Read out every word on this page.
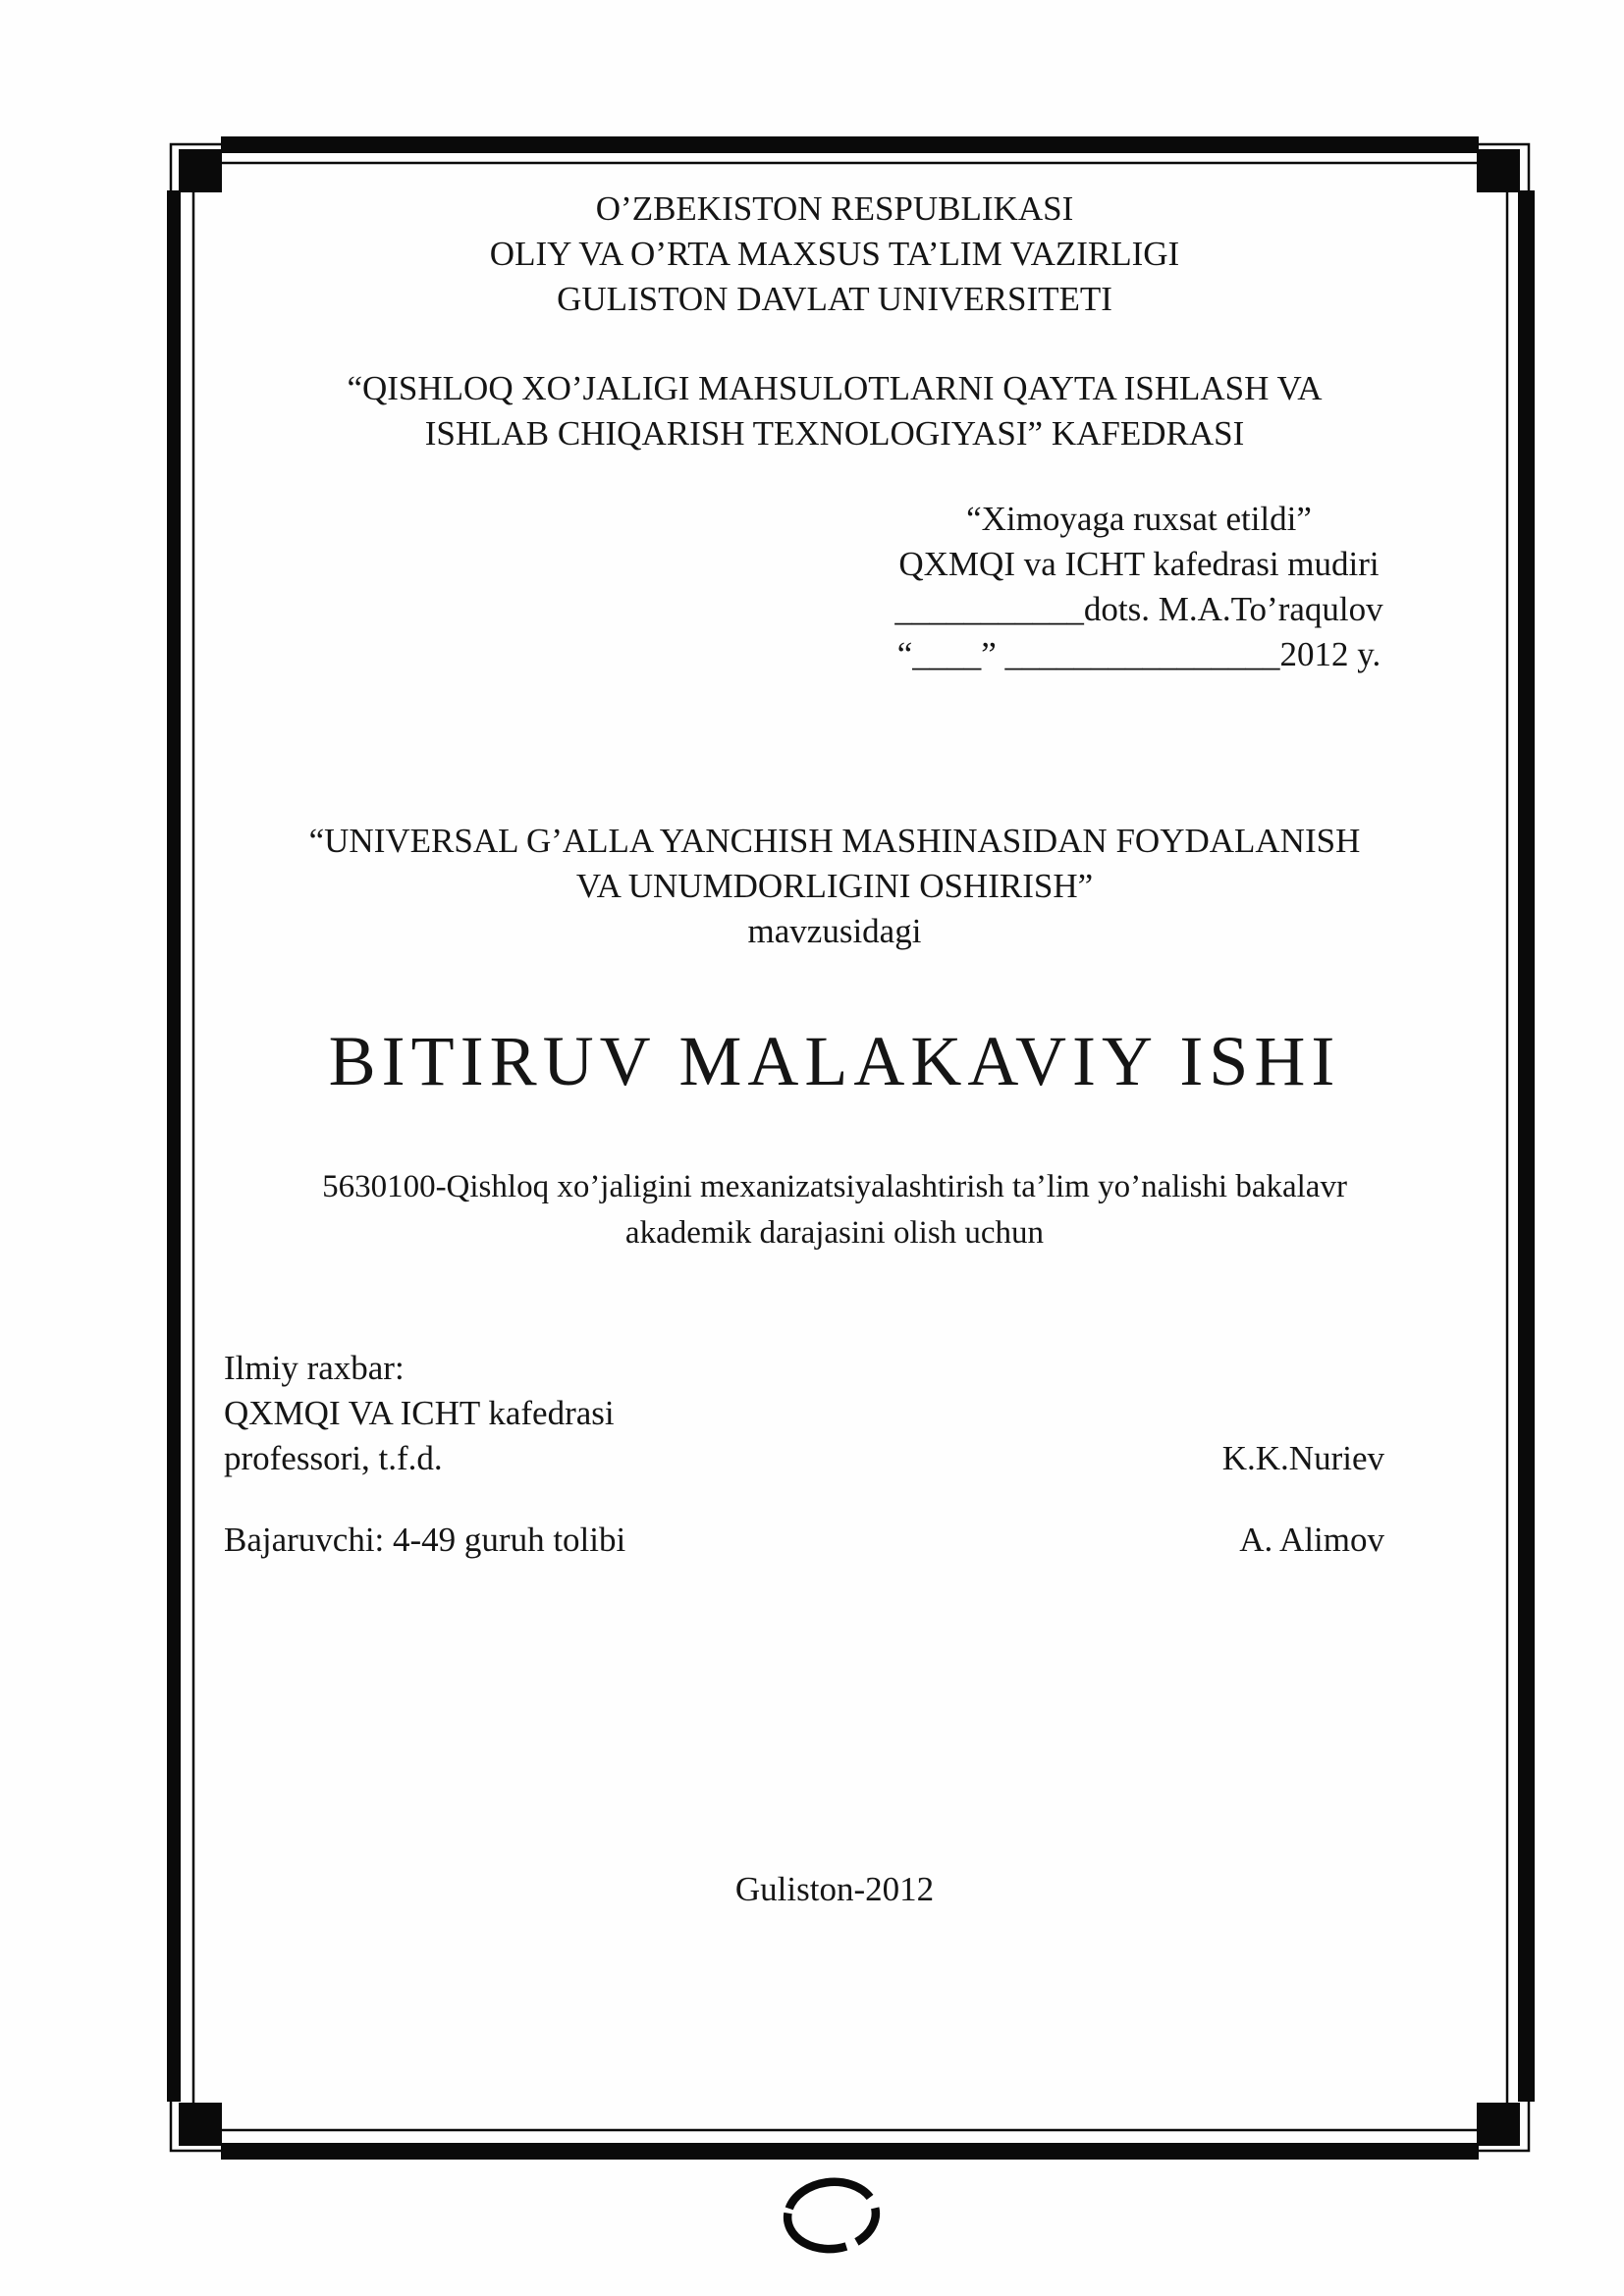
O’ZBEKISTON RESPUBLIKASI
OLIY VA O’RTA MAXSUS TA’LIM VAZIRLIGI
GULISTON DAVLAT UNIVERSITETI
“QISHLOQ XO’JALIGI MAHSULOTLARNI QAYTA ISHLASH VA
ISHLAB CHIQARISH TEXNOLOGIYASI” KAFEDRASI
“Ximoyaga ruxsat etildi”
QXMQI va ICHT kafedrasi mudiri
___________dots. M.A.To’raqulov
“____” ________________2012 y.
“UNIVERSAL G’ALLA YANCHISH MASHINASIDAN FOYDALANISH
VA UNUMDORLIGINI OSHIRISH”
mavzusidagi
BITIRUV MALAKAVIY ISHI
5630100-Qishloq xo’jaligini mexanizatsiyalashtirish ta’lim yo’nalishi bakalavr
akademik darajasini olish uchun
Ilmiy raxbar:
QXMQI VA ICHT kafedrasi
professori, t.f.d.	K.K.Nuriev
Bajaruvchi: 4-49 guruh tolibi	A. Alimov
Guliston-2012
